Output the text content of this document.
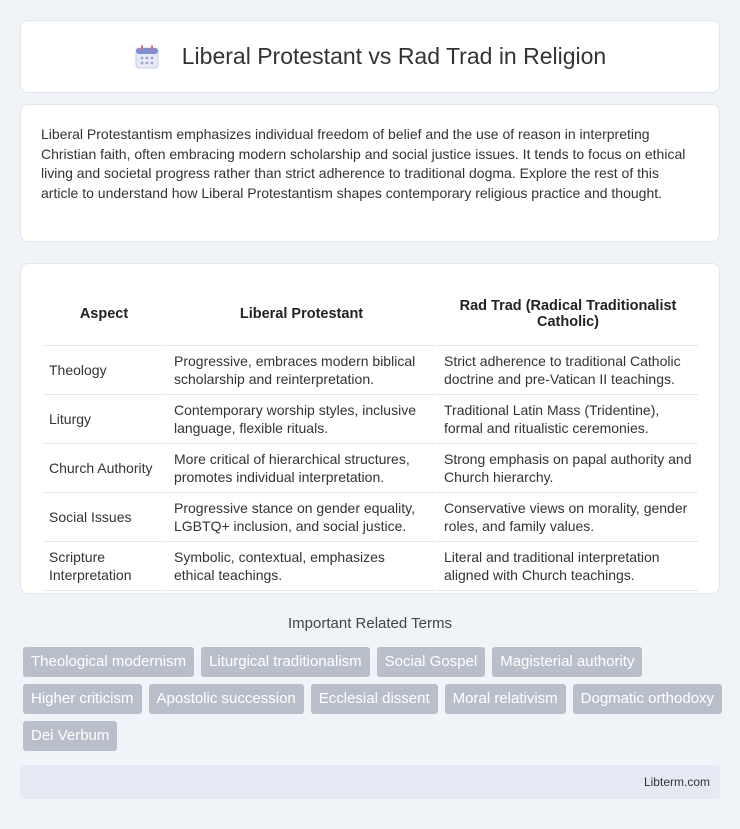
Liberal Protestant vs Rad Trad in Religion

Liberal Protestantism emphasizes individual freedom of belief and the use of reason in interpreting Christian faith, often embracing modern scholarship and social justice issues. It tends to focus on ethical living and societal progress rather than strict adherence to traditional dogma. Explore the rest of this article to understand how Liberal Protestantism shapes contemporary religious practice and thought.

Aspect	Liberal Protestant	Rad Trad (Radical Traditionalist Catholic)
Theology	Progressive, embraces modern biblical scholarship and reinterpretation.	Strict adherence to traditional Catholic doctrine and pre-Vatican II teachings.
Liturgy	Contemporary worship styles, inclusive language, flexible rituals.	Traditional Latin Mass (Tridentine), formal and ritualistic ceremonies.
Church Authority	More critical of hierarchical structures, promotes individual interpretation.	Strong emphasis on papal authority and Church hierarchy.
Social Issues	Progressive stance on gender equality, LGBTQ+ inclusion, and social justice.	Conservative views on morality, gender roles, and family values.
Scripture Interpretation	Symbolic, contextual, emphasizes ethical teachings.	Literal and traditional interpretation aligned with Church teachings.
Important Related Terms
Theological modernism	Liturgical traditionalism	Social Gospel	Magisterial authority
Higher criticism	Apostolic succession	Ecclesial dissent	Moral relativism	Dogmatic orthodoxy
Dei Verbum
Libterm.com
